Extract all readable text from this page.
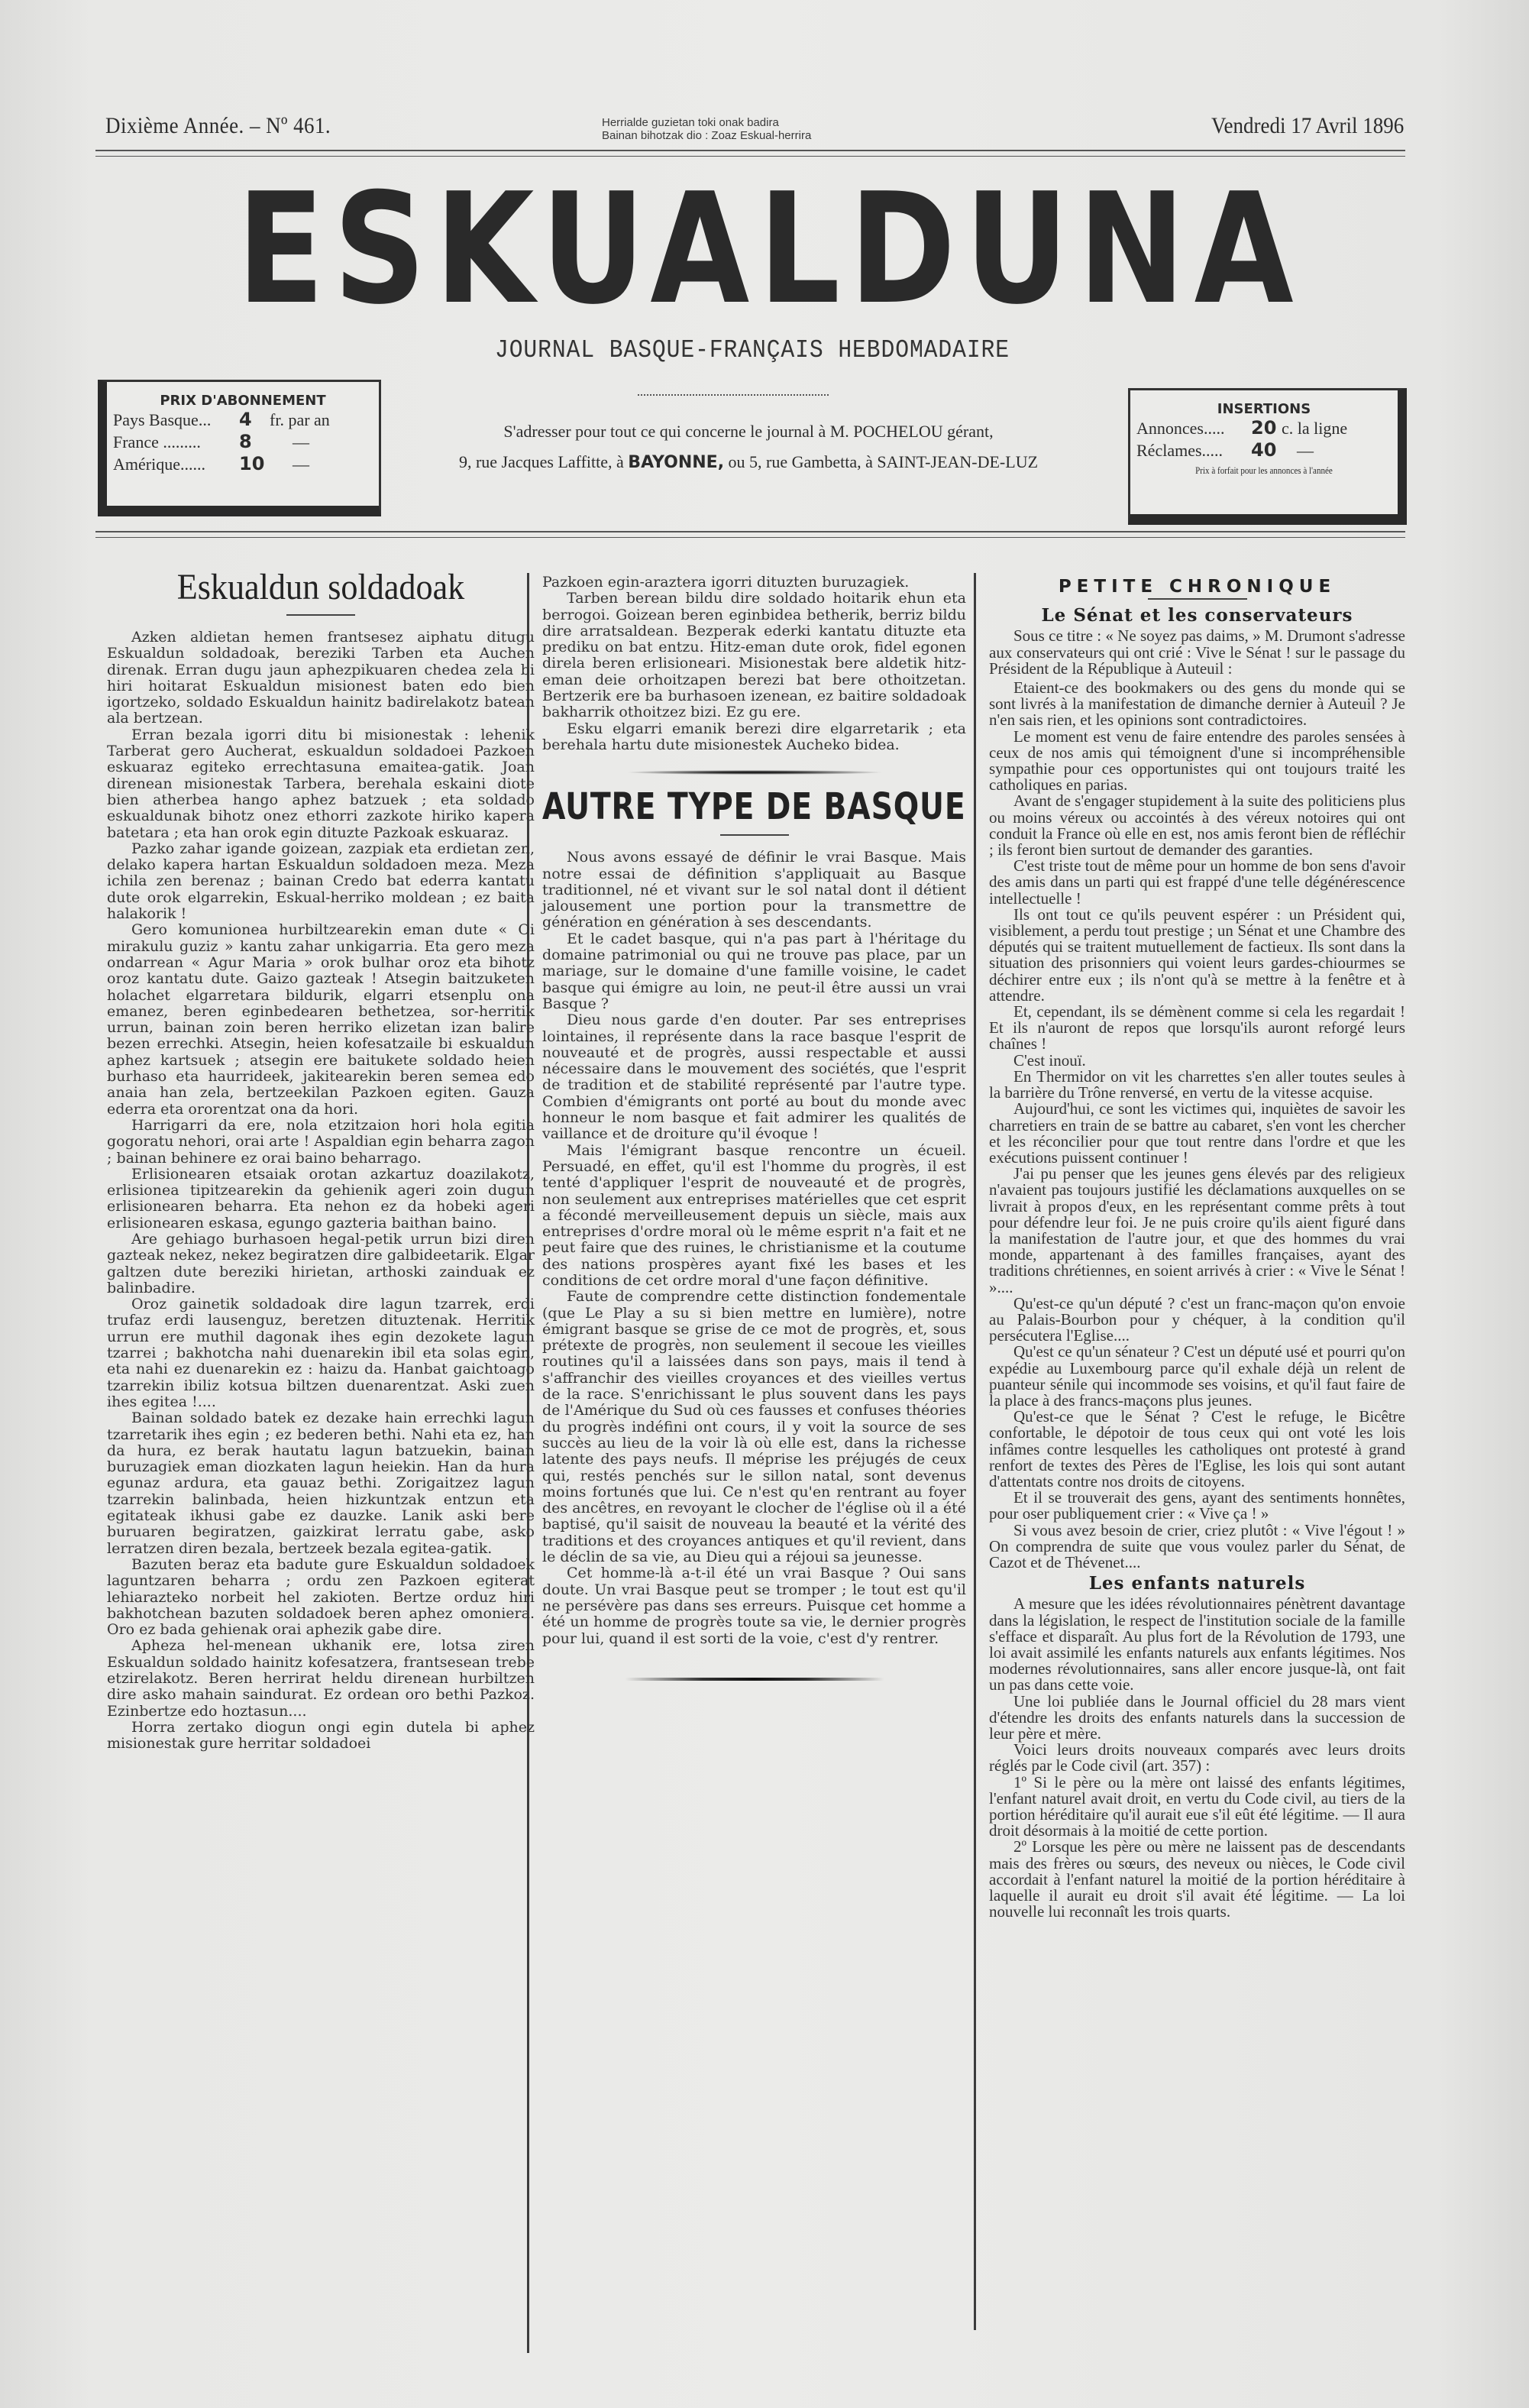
Dixième Année. – Nº 461.	Herrialde guzietan toki onak badira
Bainan bihotzak dio : Zoaz Eskual-herrira	Vendredi 17 Avril 1896
ESKUALDUNA
JOURNAL BASQUE-FRANÇAIS HEBDOMADAIRE
PRIX D'ABONNEMENT
Pays Basque... 4 fr. par an
France ......... 8 —
Amérique...... 10 —
S'adresser pour tout ce qui concerne le journal à M. POCHELOU gérant,
9, rue Jacques Laffitte, à BAYONNE, ou 5, rue Gambetta, à SAINT-JEAN-DE-LUZ
INSERTIONS
Annonces..... 20 c. la ligne
Réclames..... 40 —
Prix à forfait pour les annonces à l'année
Eskualdun soldadoak

Azken aldietan hemen frantsesez aiphatu ditugu Eskualdun soldadoak, bereziki Tarben eta Auchen direnak. Erran dugu jaun aphezpikuaren chedea zela bi hiri hoitarat Eskualdun misionest baten edo bien igortzeko, soldado Eskualdun hainitz badirelakotz batean ala bertzean.

Erran bezala igorri ditu bi misionestak : lehenik Tarberat gero Aucherat, eskualdun soldadoei Pazkoen eskuaraz egiteko errechtasuna emaitea-gatik. Joan direnean misionestak Tarbera, berehala eskaini diote bien atherbea hango aphez batzuek ; eta soldado eskualdunak bihotz onez ethorri zazkote hiriko kapera batetara ; eta han orok egin dituzte Pazkoak eskuaraz.

Pazko zahar igande goizean, zazpiak eta erdietan zen, delako kapera hartan Eskualdun soldadoen meza. Meza ichila zen berenaz ; bainan Credo bat ederra kantatu dute orok elgarrekin, Eskual-herriko moldean ; ez baita halakorik !

Gero komunionea hurbiltzearekin eman dute « Oi mirakulu guziz » kantu zahar unkigarria. Eta gero meza ondarrean « Agur Maria » orok bulhar oroz eta bihotz oroz kantatu dute. Gaizo gazteak ! Atsegin baitzuketen holachet elgarretara bildurik, elgarri etsenplu ona emanez, beren eginbedearen bethetzea, sor-herritik urrun, bainan zoin beren herriko elizetan izan balire bezen errechki. Atsegin, heien kofesatzaile bi eskualdun aphez kartsuek ; atsegin ere baitukete soldado heien burhaso eta haurrideek, jakitearekin beren semea edo anaia han zela, bertzeekilan Pazkoen egiten. Gauza ederra eta ororentzat ona da hori.

Harrigarri da ere, nola etzitzaion hori hola egitia gogoratu nehori, orai arte ! Aspaldian egin beharra zagon ; bainan behinere ez orai baino beharrago.

Erlisionearen etsaiak orotan azkartuz doazilakotz, erlisionea tipitzearekin da gehienik ageri zoin dugun erlisionearen beharra. Eta nehon ez da hobeki ageri erlisionearen eskasa, egungo gazteria baithan baino.

Are gehiago burhasoen hegal-petik urrun bizi diren gazteak nekez, nekez begiratzen dire galbideetarik. Elgar galtzen dute bereziki hirietan, arthoski zainduak ez balinbadire.

Oroz gainetik soldadoak dire lagun tzarrek, erdi trufaz erdi lausenguz, beretzen dituztenak. Herritik urrun ere muthil dagonak ihes egin dezokete lagun tzarrei ; bakhotcha nahi duenarekin ibil eta solas egin, eta nahi ez duenarekin ez : haizu da. Hanbat gaichtoago tzarrekin ibiliz kotsua biltzen duenarentzat. Aski zuen ihes egitea !....

Bainan soldado batek ez dezake hain errechki lagun tzarretarik ihes egin ; ez bederen bethi. Nahi eta ez, han da hura, ez berak hautatu lagun batzuekin, bainan buruzagiek eman diozkaten lagun heiekin. Han da hura egunaz ardura, eta gauaz bethi. Zorigaitzez lagun tzarrekin balinbada, heien hizkuntzak entzun eta egitateak ikhusi gabe ez dauzke. Lanik aski bere buruaren begiratzen, gaizkirat lerratu gabe, asko lerratzen diren bezala, bertzeek bezala egitea-gatik.

Bazuten beraz eta badute gure Eskualdun soldadoek laguntzaren beharra ; ordu zen Pazkoen egiterat lehiarazteko norbeit hel zakioten. Bertze orduz hiri bakhotchean bazuten soldadoek beren aphez omoniera. Oro ez bada gehienak orai aphezik gabe dire.

Apheza hel-menean ukhanik ere, lotsa ziren Eskualdun soldado hainitz kofesatzera, frantsesean trebe etzirelakotz. Beren herrirat heldu direnean hurbiltzen dire asko mahain saindurat. Ez ordean oro bethi Pazkoz. Ezinbertze edo hoztasun....

Horra zertako diogun ongi egin dutela bi aphez misionestak gure herritar soldadoei

Pazkoen egin-araztera igorri dituzten buruzagiek.

Tarben berean bildu dire soldado hoitarik ehun eta berrogoi. Goizean beren eginbidea betherik, berriz bildu dire arratsaldean. Bezperak ederki kantatu dituzte eta prediku on bat entzu. Hitz-eman dute orok, fidel egonen direla beren erlisioneari. Misionestak bere aldetik hitz-eman deie orhoitzapen berezi bat bere othoitzetan. Bertzerik ere ba burhasoen izenean, ez baitire soldadoak bakharrik othoitzez bizi. Ez gu ere.

Esku elgarri emanik berezi dire elgarretarik ; eta berehala hartu dute misionestek Aucheko bidea.

AUTRE TYPE DE BASQUE

Nous avons essayé de définir le vrai Basque. Mais notre essai de définition s'appliquait au Basque traditionnel, né et vivant sur le sol natal dont il détient jalousement une portion pour la transmettre de génération en génération à ses descendants.

Et le cadet basque, qui n'a pas part à l'héritage du domaine patrimonial ou qui ne trouve pas place, par un mariage, sur le domaine d'une famille voisine, le cadet basque qui émigre au loin, ne peut-il être aussi un vrai Basque ?

Dieu nous garde d'en douter. Par ses entreprises lointaines, il représente dans la race basque l'esprit de nouveauté et de progrès, aussi respectable et aussi nécessaire dans le mouvement des sociétés, que l'esprit de tradition et de stabilité représenté par l'autre type. Combien d'émigrants ont porté au bout du monde avec honneur le nom basque et fait admirer les qualités de vaillance et de droiture qu'il évoque !

Mais l'émigrant basque rencontre un écueil. Persuadé, en effet, qu'il est l'homme du progrès, il est tenté d'appliquer l'esprit de nouveauté et de progrès, non seulement aux entreprises matérielles que cet esprit a fécondé merveilleusement depuis un siècle, mais aux entreprises d'ordre moral où le même esprit n'a fait et ne peut faire que des ruines, le christianisme et la coutume des nations prospères ayant fixé les bases et les conditions de cet ordre moral d'une façon définitive.

Faute de comprendre cette distinction fondementale (que Le Play a su si bien mettre en lumière), notre émigrant basque se grise de ce mot de progrès, et, sous prétexte de progrès, non seulement il secoue les vieilles routines qu'il a laissées dans son pays, mais il tend à s'affranchir des vieilles croyances et des vieilles vertus de la race. S'enrichissant le plus souvent dans les pays de l'Amérique du Sud où ces fausses et confuses théories du progrès indéfini ont cours, il y voit la source de ses succès au lieu de la voir là où elle est, dans la richesse latente des pays neufs. Il méprise les préjugés de ceux qui, restés penchés sur le sillon natal, sont devenus moins fortunés que lui. Ce n'est qu'en rentrant au foyer des ancêtres, en revoyant le clocher de l'église où il a été baptisé, qu'il saisit de nouveau la beauté et la vérité des traditions et des croyances antiques et qu'il revient, dans le déclin de sa vie, au Dieu qui a réjoui sa jeunesse.

Cet homme-là a-t-il été un vrai Basque ? Oui sans doute. Un vrai Basque peut se tromper ; le tout est qu'il ne persévère pas dans ses erreurs. Puisque cet homme a été un homme de progrès toute sa vie, le dernier progrès pour lui, quand il est sorti de la voie, c'est d'y rentrer.

PETITE CHRONIQUE
Le Sénat et les conservateurs

Sous ce titre : « Ne soyez pas daims, » M. Drumont s'adresse aux conservateurs qui ont crié : Vive le Sénat ! sur le passage du Président de la République à Auteuil :

Etaient-ce des bookmakers ou des gens du monde qui se sont livrés à la manifestation de dimanche dernier à Auteuil ? Je n'en sais rien, et les opinions sont contradictoires.

Le moment est venu de faire entendre des paroles sensées à ceux de nos amis qui témoignent d'une si incompréhensible sympathie pour ces opportunistes qui ont toujours traité les catholiques en parias.

Avant de s'engager stupidement à la suite des politiciens plus ou moins véreux ou accointés à des véreux notoires qui ont conduit la France où elle en est, nos amis feront bien de réfléchir ; ils feront bien surtout de demander des garanties.

C'est triste tout de même pour un homme de bon sens d'avoir des amis dans un parti qui est frappé d'une telle dégénérescence intellectuelle !

Ils ont tout ce qu'ils peuvent espérer : un Président qui, visiblement, a perdu tout prestige ; un Sénat et une Chambre des députés qui se traitent mutuellement de factieux. Ils sont dans la situation des prisonniers qui voient leurs gardes-chiourmes se déchirer entre eux ; ils n'ont qu'à se mettre à la fenêtre et à attendre.

Et, cependant, ils se démènent comme si cela les regardait ! Et ils n'auront de repos que lorsqu'ils auront reforgé leurs chaînes !

C'est inouï.

En Thermidor on vit les charrettes s'en aller toutes seules à la barrière du Trône renversé, en vertu de la vitesse acquise.

Aujourd'hui, ce sont les victimes qui, inquiètes de savoir les charretiers en train de se battre au cabaret, s'en vont les chercher et les réconcilier pour que tout rentre dans l'ordre et que les exécutions puissent continuer !

J'ai pu penser que les jeunes gens élevés par des religieux n'avaient pas toujours justifié les déclamations auxquelles on se livrait à propos d'eux, en les représentant comme prêts à tout pour défendre leur foi. Je ne puis croire qu'ils aient figuré dans la manifestation de l'autre jour, et que des hommes du vrai monde, appartenant à des familles françaises, ayant des traditions chrétiennes, en soient arrivés à crier : « Vive le Sénat ! »....

Qu'est-ce qu'un député ? c'est un franc-maçon qu'on envoie au Palais-Bourbon pour y chéquer, à la condition qu'il persécutera l'Eglise....

Qu'est ce qu'un sénateur ? C'est un député usé et pourri qu'on expédie au Luxembourg parce qu'il exhale déjà un relent de puanteur sénile qui incommode ses voisins, et qu'il faut faire de la place à des francs-maçons plus jeunes.

Qu'est-ce que le Sénat ? C'est le refuge, le Bicêtre confortable, le dépotoir de tous ceux qui ont voté les lois infâmes contre lesquelles les catholiques ont protesté à grand renfort de textes des Pères de l'Eglise, les lois qui sont autant d'attentats contre nos droits de citoyens.

Et il se trouverait des gens, ayant des sentiments honnêtes, pour oser publiquement crier : « Vive ça ! »

Si vous avez besoin de crier, criez plutôt : « Vive l'égout ! » On comprendra de suite que vous voulez parler du Sénat, de Cazot et de Thévenet....

Les enfants naturels

A mesure que les idées révolutionnaires pénètrent davantage dans la législation, le respect de l'institution sociale de la famille s'efface et disparaît. Au plus fort de la Révolution de 1793, une loi avait assimilé les enfants naturels aux enfants légitimes. Nos modernes révolutionnaires, sans aller encore jusque-là, ont fait un pas dans cette voie.

Une loi publiée dans le Journal officiel du 28 mars vient d'étendre les droits des enfants naturels dans la succession de leur père et mère.

Voici leurs droits nouveaux comparés avec leurs droits réglés par le Code civil (art. 357) :

1º Si le père ou la mère ont laissé des enfants légitimes, l'enfant naturel avait droit, en vertu du Code civil, au tiers de la portion héréditaire qu'il aurait eue s'il eût été légitime. — Il aura droit désormais à la moitié de cette portion.

2º Lorsque les père ou mère ne laissent pas de descendants mais des frères ou sœurs, des neveux ou nièces, le Code civil accordait à l'enfant naturel la moitié de la portion héréditaire à laquelle il aurait eu droit s'il avait été légitime. — La loi nouvelle lui reconnaît les trois quarts.
